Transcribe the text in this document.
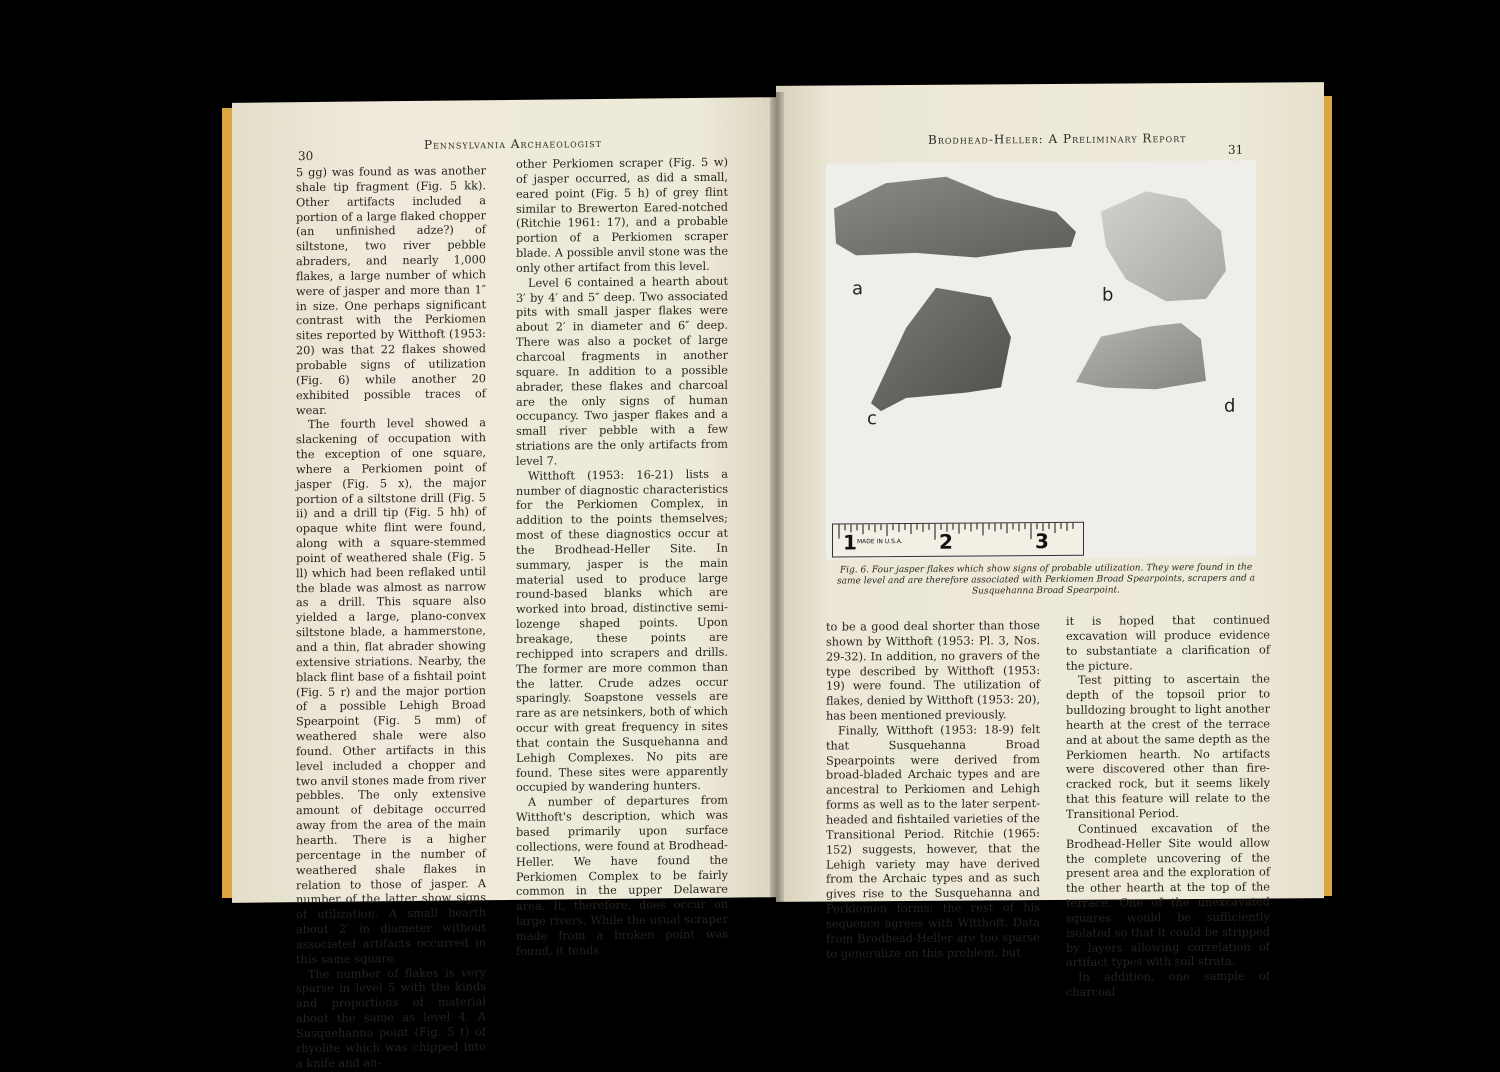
30
Pennsylvania Archaeologist

5 gg) was found as was another shale tip fragment (Fig. 5 kk). Other artifacts included a portion of a large flaked chopper (an unfinished adze?) of siltstone, two river pebble abraders, and nearly 1,000 flakes, a large number of which were of jasper and more than 1″ in size. One perhaps significant contrast with the Perkiomen sites reported by Witthoft (1953: 20) was that 22 flakes showed probable signs of utilization (Fig. 6) while another 20 exhibited possible traces of wear.

The fourth level showed a slackening of occupation with the exception of one square, where a Perkiomen point of jasper (Fig. 5 x), the major portion of a siltstone drill (Fig. 5 ii) and a drill tip (Fig. 5 hh) of opaque white flint were found, along with a square-stemmed point of weathered shale (Fig. 5 ll) which had been reflaked until the blade was almost as narrow as a drill. This square also yielded a large, plano-convex siltstone blade, a hammerstone, and a thin, flat abrader showing extensive striations. Nearby, the black flint base of a fishtail point (Fig. 5 r) and the major portion of a possible Lehigh Broad Spearpoint (Fig. 5 mm) of weathered shale were also found. Other artifacts in this level included a chopper and two anvil stones made from river pebbles. The only extensive amount of debitage occurred away from the area of the main hearth. There is a higher percentage in the number of weathered shale flakes in relation to those of jasper. A number of the latter show signs of utilization. A small hearth about 2′ in diameter without associated artifacts occurred in this same square.

The number of flakes is very sparse in level 5 with the kinds and proportions of material about the same as level 4. A Susquehanna point (Fig. 5 t) of rhyolite which was chipped into a knife and an-

other Perkiomen scraper (Fig. 5 w) of jasper occurred, as did a small, eared point (Fig. 5 h) of grey flint similar to Brewerton Eared-notched (Ritchie 1961: 17), and a probable portion of a Perkiomen scraper blade. A possible anvil stone was the only other artifact from this level.

Level 6 contained a hearth about 3′ by 4′ and 5″ deep. Two associated pits with small jasper flakes were about 2′ in diameter and 6″ deep. There was also a pocket of large charcoal fragments in another square. In addition to a possible abrader, these flakes and charcoal are the only signs of human occupancy. Two jasper flakes and a small river pebble with a few striations are the only artifacts from level 7.

Witthoft (1953: 16-21) lists a number of diagnostic characteristics for the Perkiomen Complex, in addition to the points themselves; most of these diagnostics occur at the Brodhead-Heller Site. In summary, jasper is the main material used to produce large round-based blanks which are worked into broad, distinctive semi-lozenge shaped points. Upon breakage, these points are rechipped into scrapers and drills. The former are more common than the latter. Crude adzes occur sparingly. Soapstone vessels are rare as are netsinkers, both of which occur with great frequency in sites that contain the Susquehanna and Lehigh Complexes. No pits are found. These sites were apparently occupied by wandering hunters.

A number of departures from Witthoft's description, which was based primarily upon surface collections, were found at Brodhead-Heller. We have found the Perkiomen Complex to be fairly common in the upper Delaware area. It, therefore, does occur on large rivers. While the usual scraper made from a broken point was found, it tends

Brodhead-Heller: A Preliminary Report
31
a	b
c
d
1 MADE IN U.S.A. 2	3
Fig. 6. Four jasper flakes which show signs of probable utilization. They were found in the same level and are therefore associated with Perkiomen Broad Spearpoints, scrapers and a Susquehanna Broad Spearpoint.

to be a good deal shorter than those shown by Witthoft (1953: Pl. 3, Nos. 29-32). In addition, no gravers of the type described by Witthoft (1953: 19) were found. The utilization of flakes, denied by Witthoft (1953: 20), has been mentioned previously.

Finally, Witthoft (1953: 18-9) felt that Susquehanna Broad Spearpoints were derived from broad-bladed Archaic types and are ancestral to Perkiomen and Lehigh forms as well as to the later serpent-headed and fishtailed varieties of the Transitional Period. Ritchie (1965: 152) suggests, however, that the Lehigh variety may have derived from the Archaic types and as such gives rise to the Susquehanna and Perkiomen forms; the rest of his sequence agrees with Witthoft. Data from Brodhead-Heller are too sparse to generalize on this problem, but

it is hoped that continued excavation will produce evidence to substantiate a clarification of the picture.

Test pitting to ascertain the depth of the topsoil prior to bulldozing brought to light another hearth at the crest of the terrace and at about the same depth as the Perkiomen hearth. No artifacts were discovered other than fire-cracked rock, but it seems likely that this feature will relate to the Transitional Period.

Continued excavation of the Brodhead-Heller Site would allow the complete uncovering of the present area and the exploration of the other hearth at the top of the terrace. One of the unexcavated squares would be sufficiently isolated so that it could be stripped by layers allowing correlation of artifact types with soil strata.

In addition, one sample of charcoal
